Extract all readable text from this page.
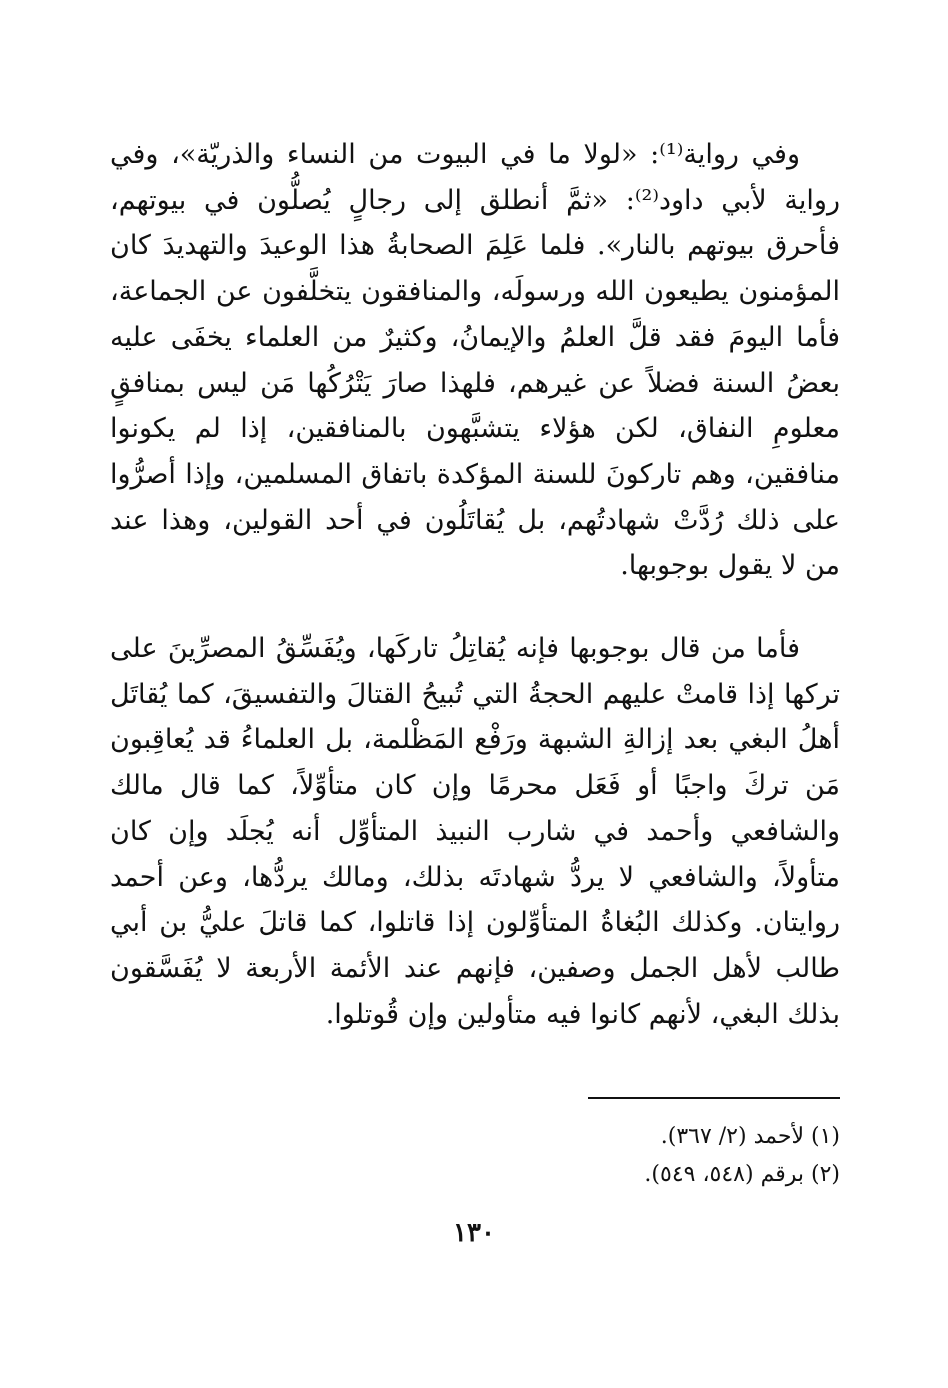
وفي رواية⁽¹⁾: «لولا ما في البيوت من النساء والذريّة»، وفي
رواية لأبي داود⁽²⁾: «ثمَّ أنطلق إلى رجالٍ يُصلُّون في بيوتهم،
فأحرق بيوتهم بالنار». فلما عَلِمَ الصحابةُ هذا الوعيدَ والتهديدَ كان
المؤمنون يطيعون الله ورسولَه، والمنافقون يتخلَّفون عن الجماعة،
فأما اليومَ فقد قلَّ العلمُ والإيمانُ، وكثيرٌ من العلماء يخفَى عليه
بعضُ السنة فضلاً عن غيرهم، فلهذا صارَ يَتْرُكُها مَن ليس بمنافقٍ
معلومِ النفاق، لكن هؤلاء يتشبَّهون بالمنافقين، إذا لم يكونوا
منافقين، وهم تاركونَ للسنة المؤكدة باتفاق المسلمين، وإذا أصرُّوا
على ذلك رُدَّتْ شهادتُهم، بل يُقاتَلُون في أحد القولين، وهذا عند
من لا يقول بوجوبها.
فأما من قال بوجوبها فإنه يُقاتِلُ تاركَها، ويُفَسِّقُ المصرِّينَ على
تركها إذا قامتْ عليهم الحجةُ التي تُبيحُ القتالَ والتفسيقَ، كما يُقاتَل
أهلُ البغي بعد إزالةِ الشبهة ورَفْع المَظْلمة، بل العلماءُ قد يُعاقِبون
مَن تركَ واجبًا أو فَعَل محرمًا وإن كان متأوِّلاً، كما قال مالك
والشافعي وأحمد في شارب النبيذ المتأوِّل أنه يُجلَد وإن كان
متأولاً، والشافعي لا يردُّ شهادتَه بذلك، ومالك يردُّها، وعن أحمد
روايتان. وكذلك البُغاةُ المتأوِّلون إذا قاتلوا، كما قاتلَ عليُّ بن أبي
طالب لأهل الجمل وصفين، فإنهم عند الأئمة الأربعة لا يُفَسَّقون
بذلك البغي، لأنهم كانوا فيه متأولين وإن قُوتلوا.
(١) لأحمد (٢/ ٣٦٧).
(٢) برقم (٥٤٨، ٥٤٩).
١٣٠
